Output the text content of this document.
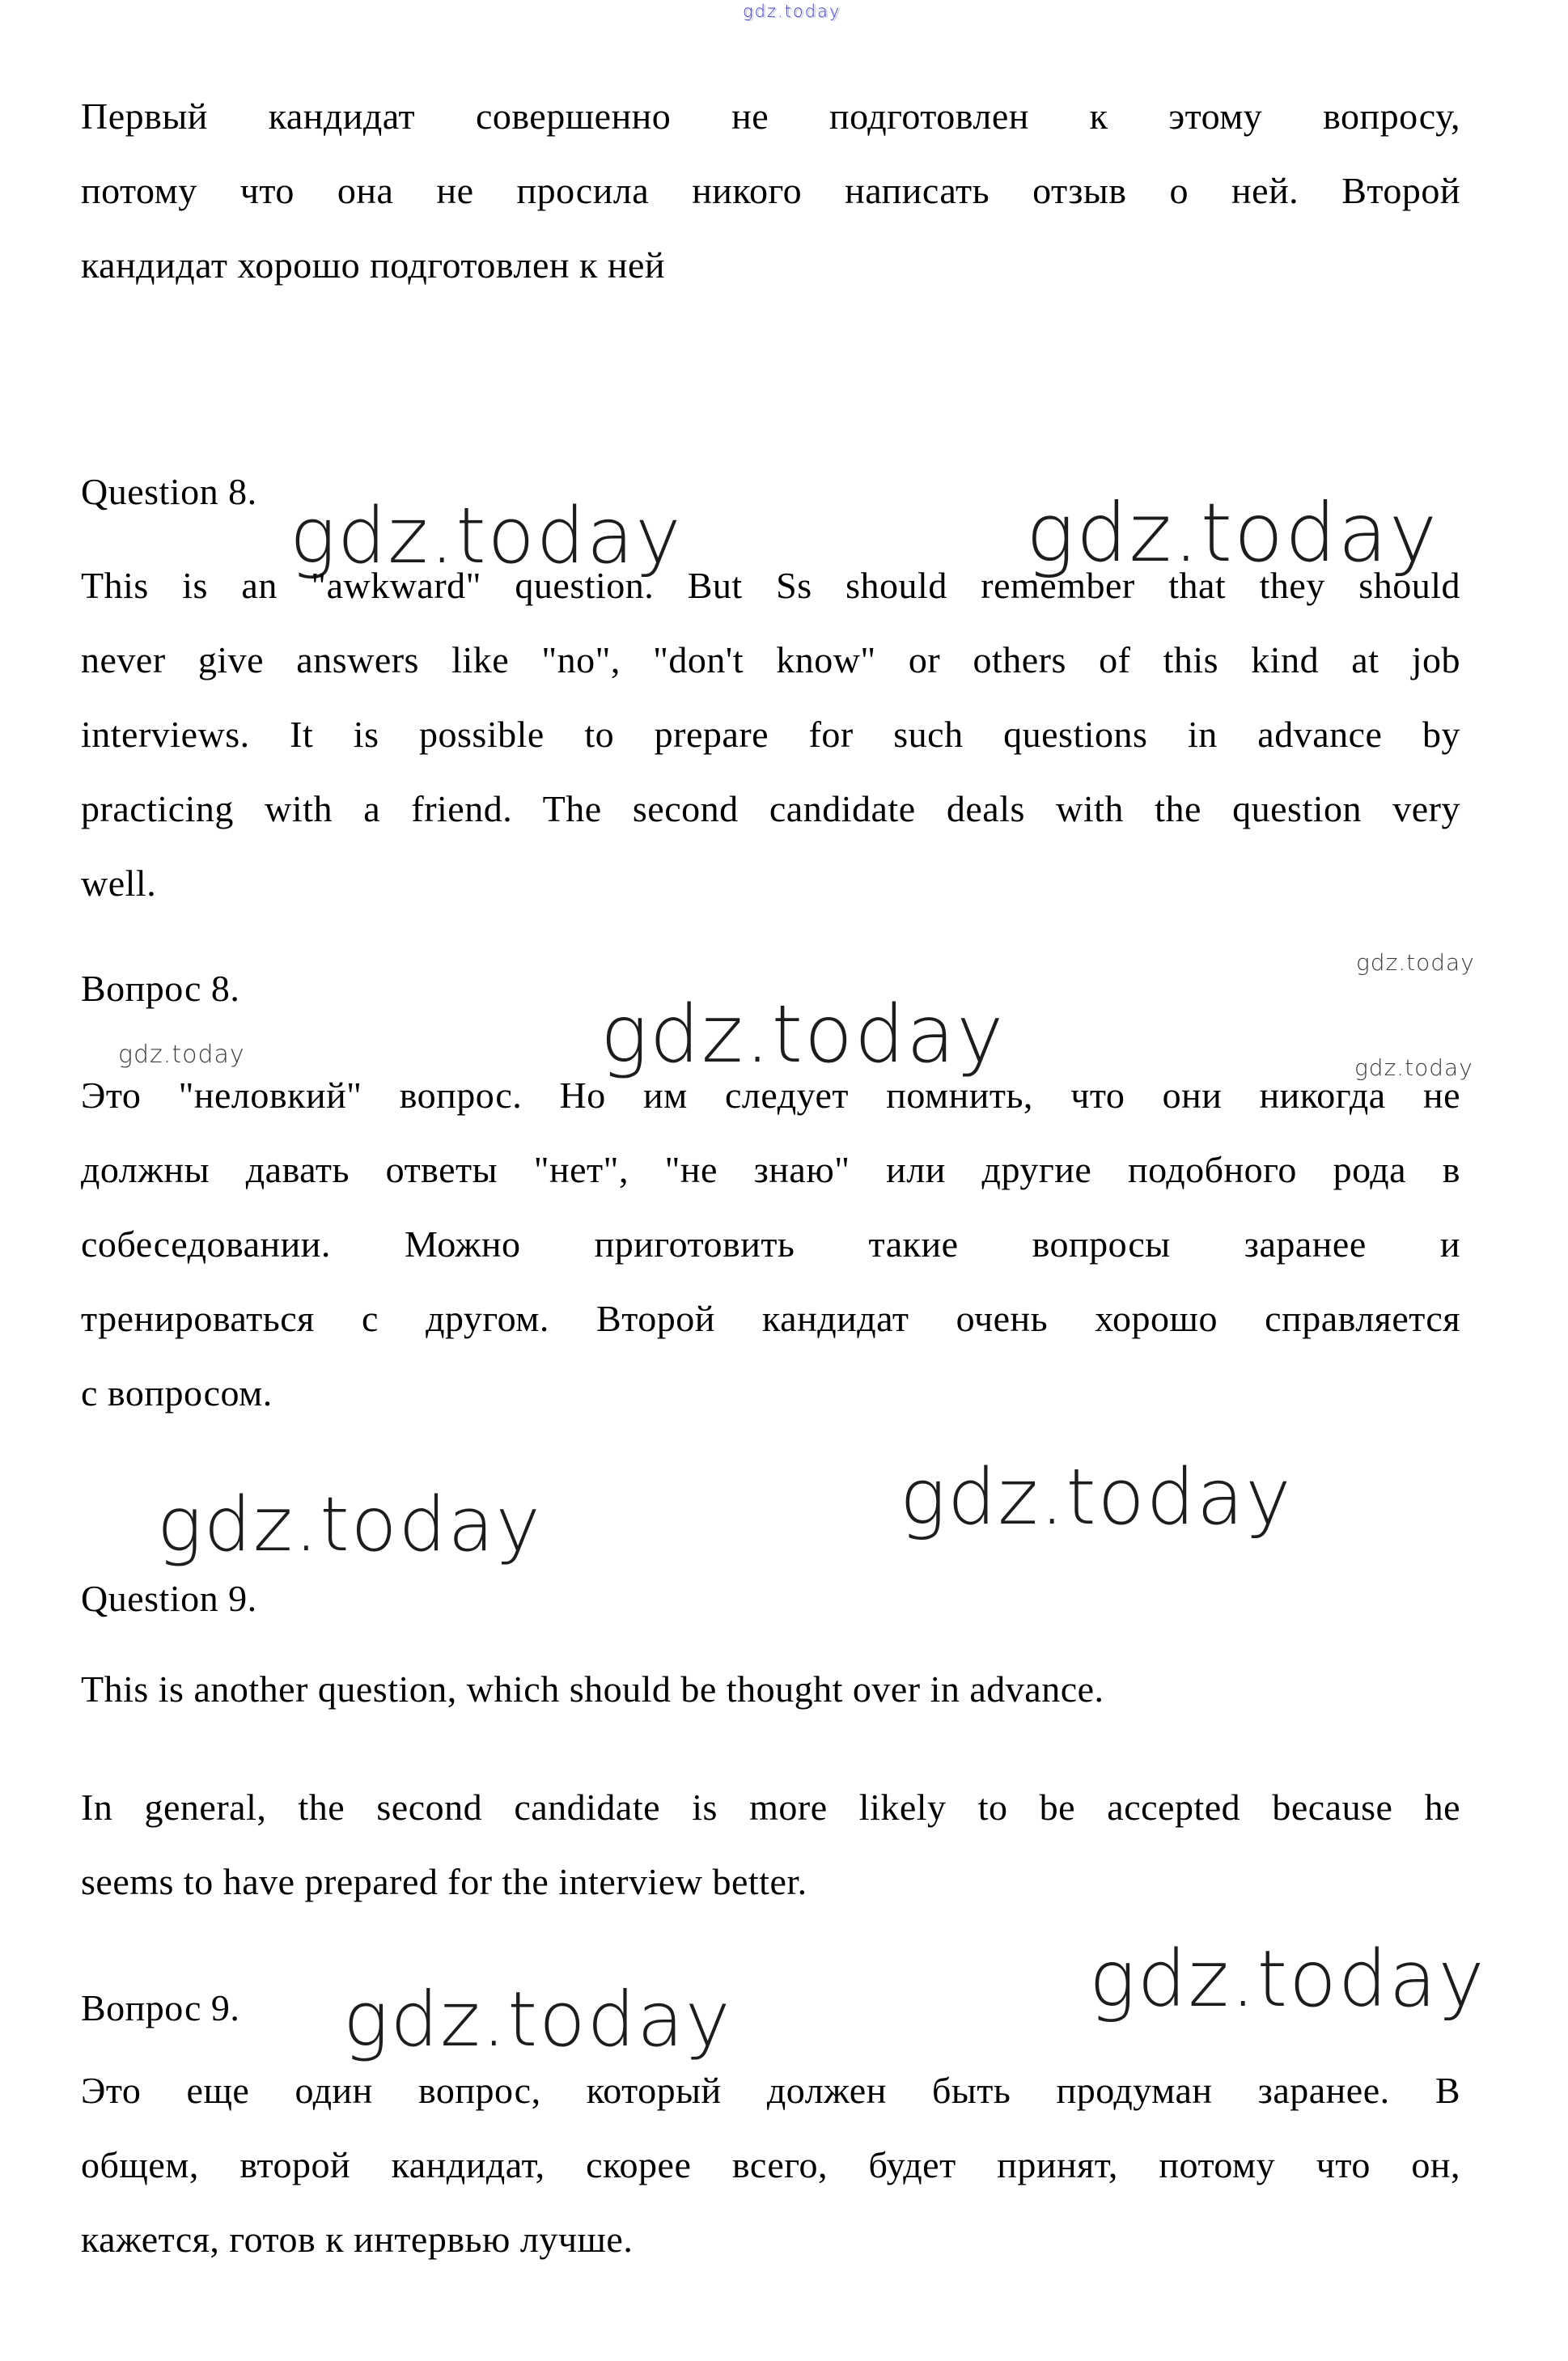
gdz.today
Первый кандидат совершенно не подготовлен к этому вопросу,
потому что она не просила никого написать отзыв о ней. Второй
кандидат хорошо подготовлен к ней
Question 8.
gdz.today	gdz.today
This is an "awkward" question. But Ss should remember that they should
never give answers like "no", "don't know" or others of this kind at job
interviews. It is possible to prepare for such questions in advance by
practicing with a friend. The second candidate deals with the question very
well.
Вопрос 8.
gdz.today
gdz.today
gdz.today	gdz.today
Это "неловкий" вопрос. Но им следует помнить, что они никогда не
должны давать ответы "нет", "не знаю" или другие подобного рода в
собеседовании. Можно приготовить такие вопросы заранее и
тренироваться с другом. Второй кандидат очень хорошо справляется
с вопросом.
gdz.today	gdz.today
Question 9.
This is another question, which should be thought over in advance.
In general, the second candidate is more likely to be accepted because he
seems to have prepared for the interview better.
Вопрос 9. gdz.today	gdz.today
Это еще один вопрос, который должен быть продуман заранее. В
общем, второй кандидат, скорее всего, будет принят, потому что он,
кажется, готов к интервью лучше.
